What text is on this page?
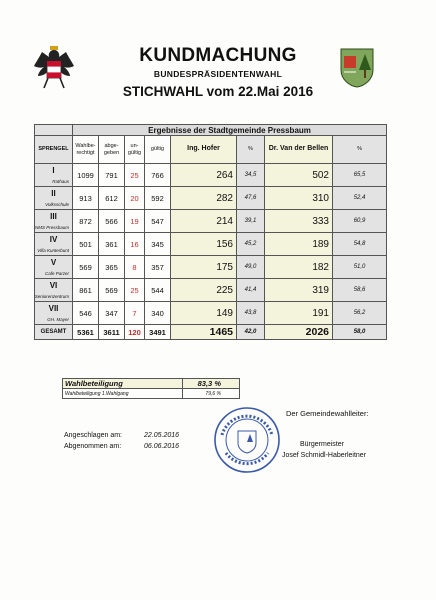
KUNDMACHUNG
BUNDESPRÄSIDENTENWAHL
STICHWAHL vom 22.Mai 2016
	Ergebnisse der Stadtgemeinde Pressbaum							
SPRENGEL	Wahlbe-rechtigt	abge-geben	un-gültig	gültig	Ing. Hofer	%	Dr. Van der Bellen	%

I
Rathaus	1099	791	25	766	264	34,5	502	65,5

II
Volksschule	913	612	20	592	282	47,6	310	52,4

III
NMS Pressbaum	872	566	19	547	214	39,1	333	60,9

IV
Villa Kunterbunt	501	361	16	345	156	45,2	189	54,8

V
Cafe Parzer	569	365	8	357	175	49,0	182	51,0

VI
Seniorenzentrum	861	569	25	544	225	41,4	319	58,6

VII
GH. Mayer	546	347	7	340	149	43,8	191	56,2
GESAMT	5361	3611	120	3491	1465	42,0	2026	58,0
Wahlbeteiligung	83,3 %
Wahlbeteiligung 1.Wahlgang	79,6 %
Angeschlagen am:	22.05.2016
Abgenommen am:	06.06.2016
Der Gemeindewahlleiter:
Bürgermeister
Josef Schmidl-Haberleitner
